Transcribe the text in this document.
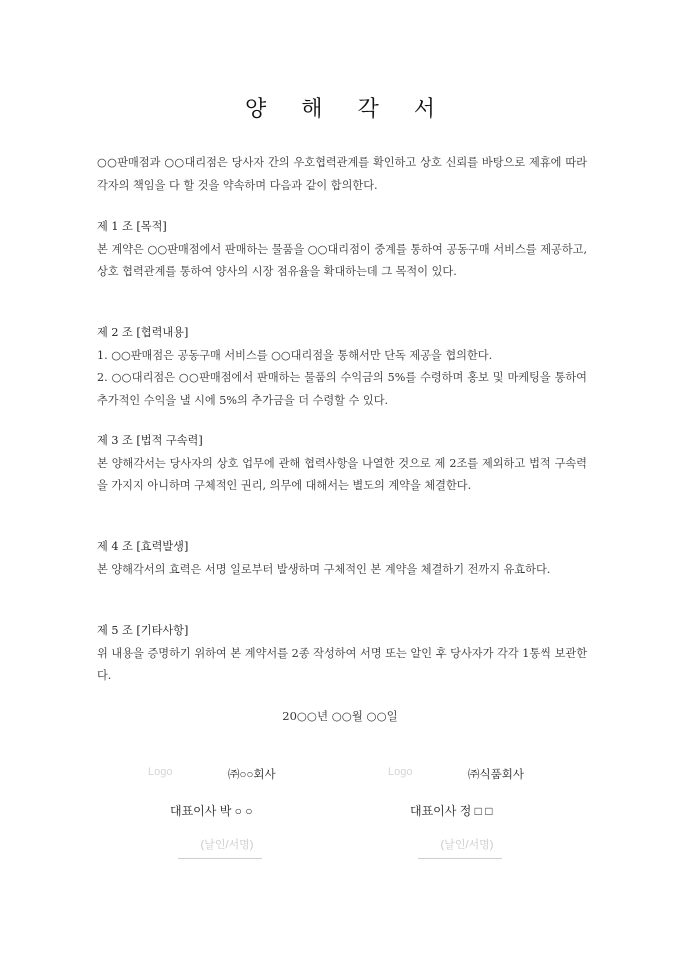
양 해 각 서

○○판매점과 ○○대리점은 당사자 간의 우호협력관계를 확인하고 상호 신뢰를 바탕으로 제휴에 따라 각자의 책임을 다 할 것을 약속하며 다음과 같이 합의한다.

제 1 조 [목적]

본 계약은 ○○판매점에서 판매하는 물품을 ○○대리점이 중계를 통하여 공동구매 서비스를 제공하고, 상호 협력관계를 통하여 양사의 시장 점유율을 확대하는데 그 목적이 있다.

제 2 조 [협력내용]

1. ○○판매점은 공동구매 서비스를 ○○대리점을 통해서만 단독 제공을 협의한다.

2. ○○대리점은 ○○판매점에서 판매하는 물품의 수익금의 5%를 수령하며 홍보 및 마케팅을 통하여 추가적인 수익을 낼 시에 5%의 추가금을 더 수령할 수 있다.

제 3 조 [법적 구속력]

본 양해각서는 당사자의 상호 업무에 관해 협력사항을 나열한 것으로 제 2조를 제외하고 법적 구속력을 가지지 아니하며 구체적인 권리, 의무에 대해서는 별도의 계약을 체결한다.

제 4 조 [효력발생]

본 양해각서의 효력은 서명 일로부터 발생하며 구체적인 본 계약을 체결하기 전까지 유효하다.

제 5 조 [기타사항]

위 내용을 증명하기 위하여 본 계약서를 2종 작성하여 서명 또는 알인 후 당사자가 각각 1통씩 보관한다.

20○○년 ○○월 ○○일
Logo	㈜○○회사
대표이사 박 ○ ○
(날인/서명)
Logo	㈜식품회사
대표이사 정 □ □
(날인/서명)
